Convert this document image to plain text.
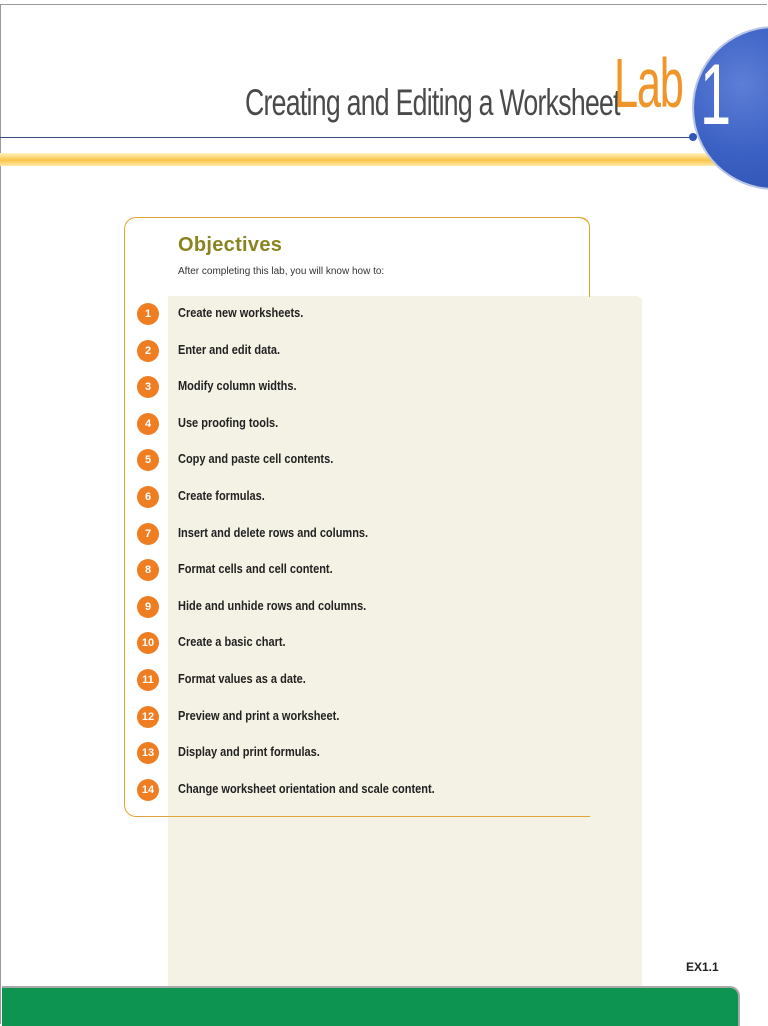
Creating and Editing a Worksheet
Lab 1
Objectives
After completing this lab, you will know how to:
1	Create new worksheets.
2	Enter and edit data.
3	Modify column widths.
4	Use proofing tools.
5	Copy and paste cell contents.
6	Create formulas.
7	Insert and delete rows and columns.
8	Format cells and cell content.
9	Hide and unhide rows and columns.
10	Create a basic chart.
11	Format values as a date.
12	Preview and print a worksheet.
13	Display and print formulas.
14	Change worksheet orientation and scale content.
EX1.1
